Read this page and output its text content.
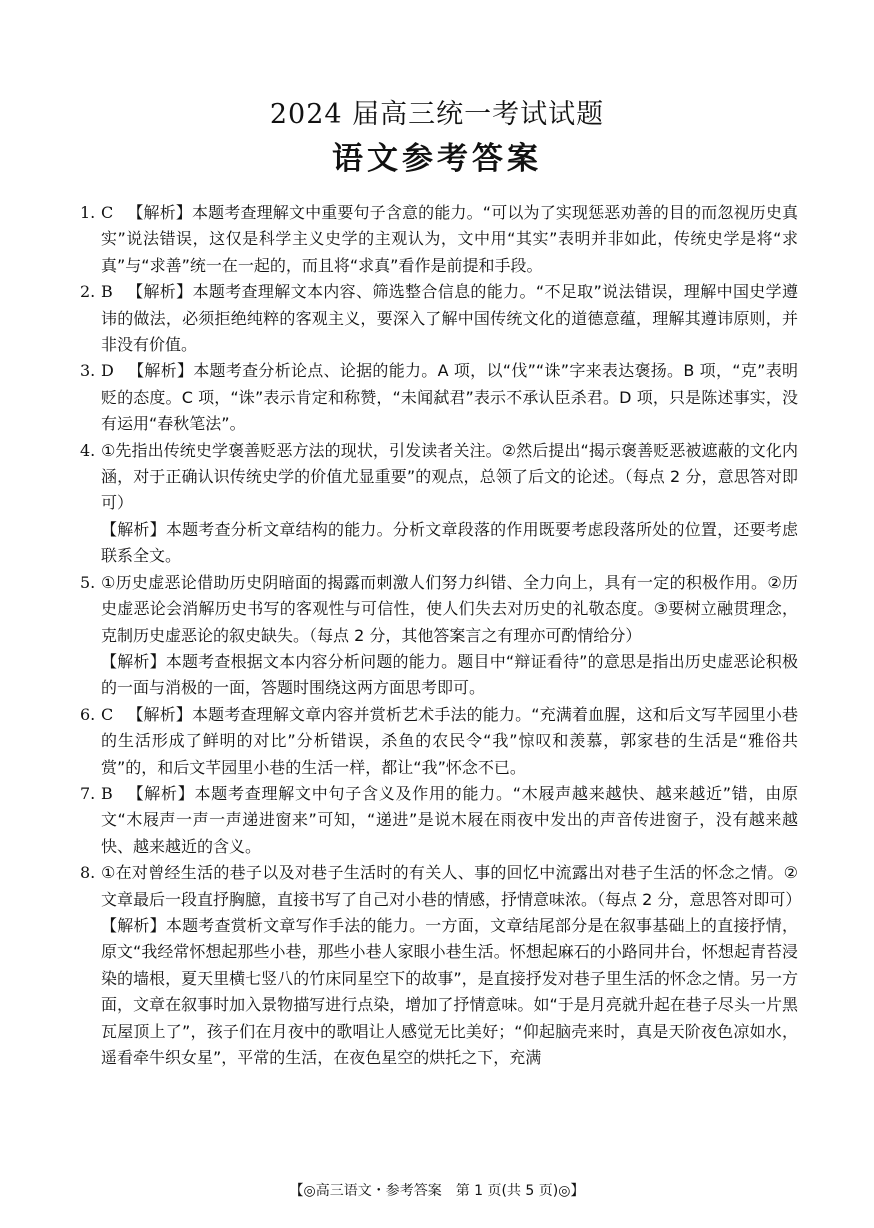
2024 届高三统一考试试题
语文参考答案
1. C 【解析】本题考查理解文中重要句子含意的能力。“可以为了实现惩恶劝善的目的而忽视历史真实”说法错误，这仅是科学主义史学的主观认为，文中用“其实”表明并非如此，传统史学是将“求真”与“求善”统一在一起的，而且将“求真”看作是前提和手段。

2. B 【解析】本题考查理解文本内容、筛选整合信息的能力。“不足取”说法错误，理解中国史学遵讳的做法，必须拒绝纯粹的客观主义，要深入了解中国传统文化的道德意蕴，理解其遵讳原则，并非没有价值。

3. D 【解析】本题考查分析论点、论据的能力。A 项，以“伐”“诛”字来表达褒扬。B 项，“克”表明贬的态度。C 项，“诛”表示肯定和称赞，“未闻弑君”表示不承认臣杀君。D 项，只是陈述事实，没有运用“春秋笔法”。

4. ①先指出传统史学褒善贬恶方法的现状，引发读者关注。②然后提出“揭示褒善贬恶被遮蔽的文化内涵，对于正确认识传统史学的价值尤显重要”的观点，总领了后文的论述。（每点 2 分，意思答对即可）

【解析】本题考查分析文章结构的能力。分析文章段落的作用既要考虑段落所处的位置，还要考虑联系全文。

5. ①历史虚恶论借助历史阴暗面的揭露而刺激人们努力纠错、全力向上，具有一定的积极作用。②历史虚恶论会消解历史书写的客观性与可信性，使人们失去对历史的礼敬态度。③要树立融贯理念，克制历史虚恶论的叙史缺失。（每点 2 分，其他答案言之有理亦可酌情给分）

【解析】本题考查根据文本内容分析问题的能力。题目中“辩证看待”的意思是指出历史虚恶论积极的一面与消极的一面，答题时围绕这两方面思考即可。

6. C 【解析】本题考查理解文章内容并赏析艺术手法的能力。“充满着血腥，这和后文写芊园里小巷的生活形成了鲜明的对比”分析错误，杀鱼的农民令“我”惊叹和羡慕，郭家巷的生活是“雅俗共赏”的，和后文芊园里小巷的生活一样，都让“我”怀念不已。

7. B 【解析】本题考查理解文中句子含义及作用的能力。“木屐声越来越快、越来越近”错，由原文“木屐声一声一声递进窗来”可知，“递进”是说木屐在雨夜中发出的声音传进窗子，没有越来越快、越来越近的含义。

8. ①在对曾经生活的巷子以及对巷子生活时的有关人、事的回忆中流露出对巷子生活的怀念之情。②文章最后一段直抒胸臆，直接书写了自己对小巷的情感，抒情意味浓。（每点 2 分，意思答对即可）

【解析】本题考查赏析文章写作手法的能力。一方面，文章结尾部分是在叙事基础上的直接抒情，原文“我经常怀想起那些小巷，那些小巷人家眼小巷生活。怀想起麻石的小路同井台，怀想起青苔浸染的墙根，夏天里横七竖八的竹床同星空下的故事”，是直接抒发对巷子里生活的怀念之情。另一方面，文章在叙事时加入景物描写进行点染，增加了抒情意味。如“于是月亮就升起在巷子尽头一片黑瓦屋顶上了”，孩子们在月夜中的歌唱让人感觉无比美好；“仰起脑壳来时，真是天阶夜色凉如水，遥看牵牛织女星”，平常的生活，在夜色星空的烘托之下，充满

【◎高三语文・参考答案　第 1 页(共 5 页)◎】
